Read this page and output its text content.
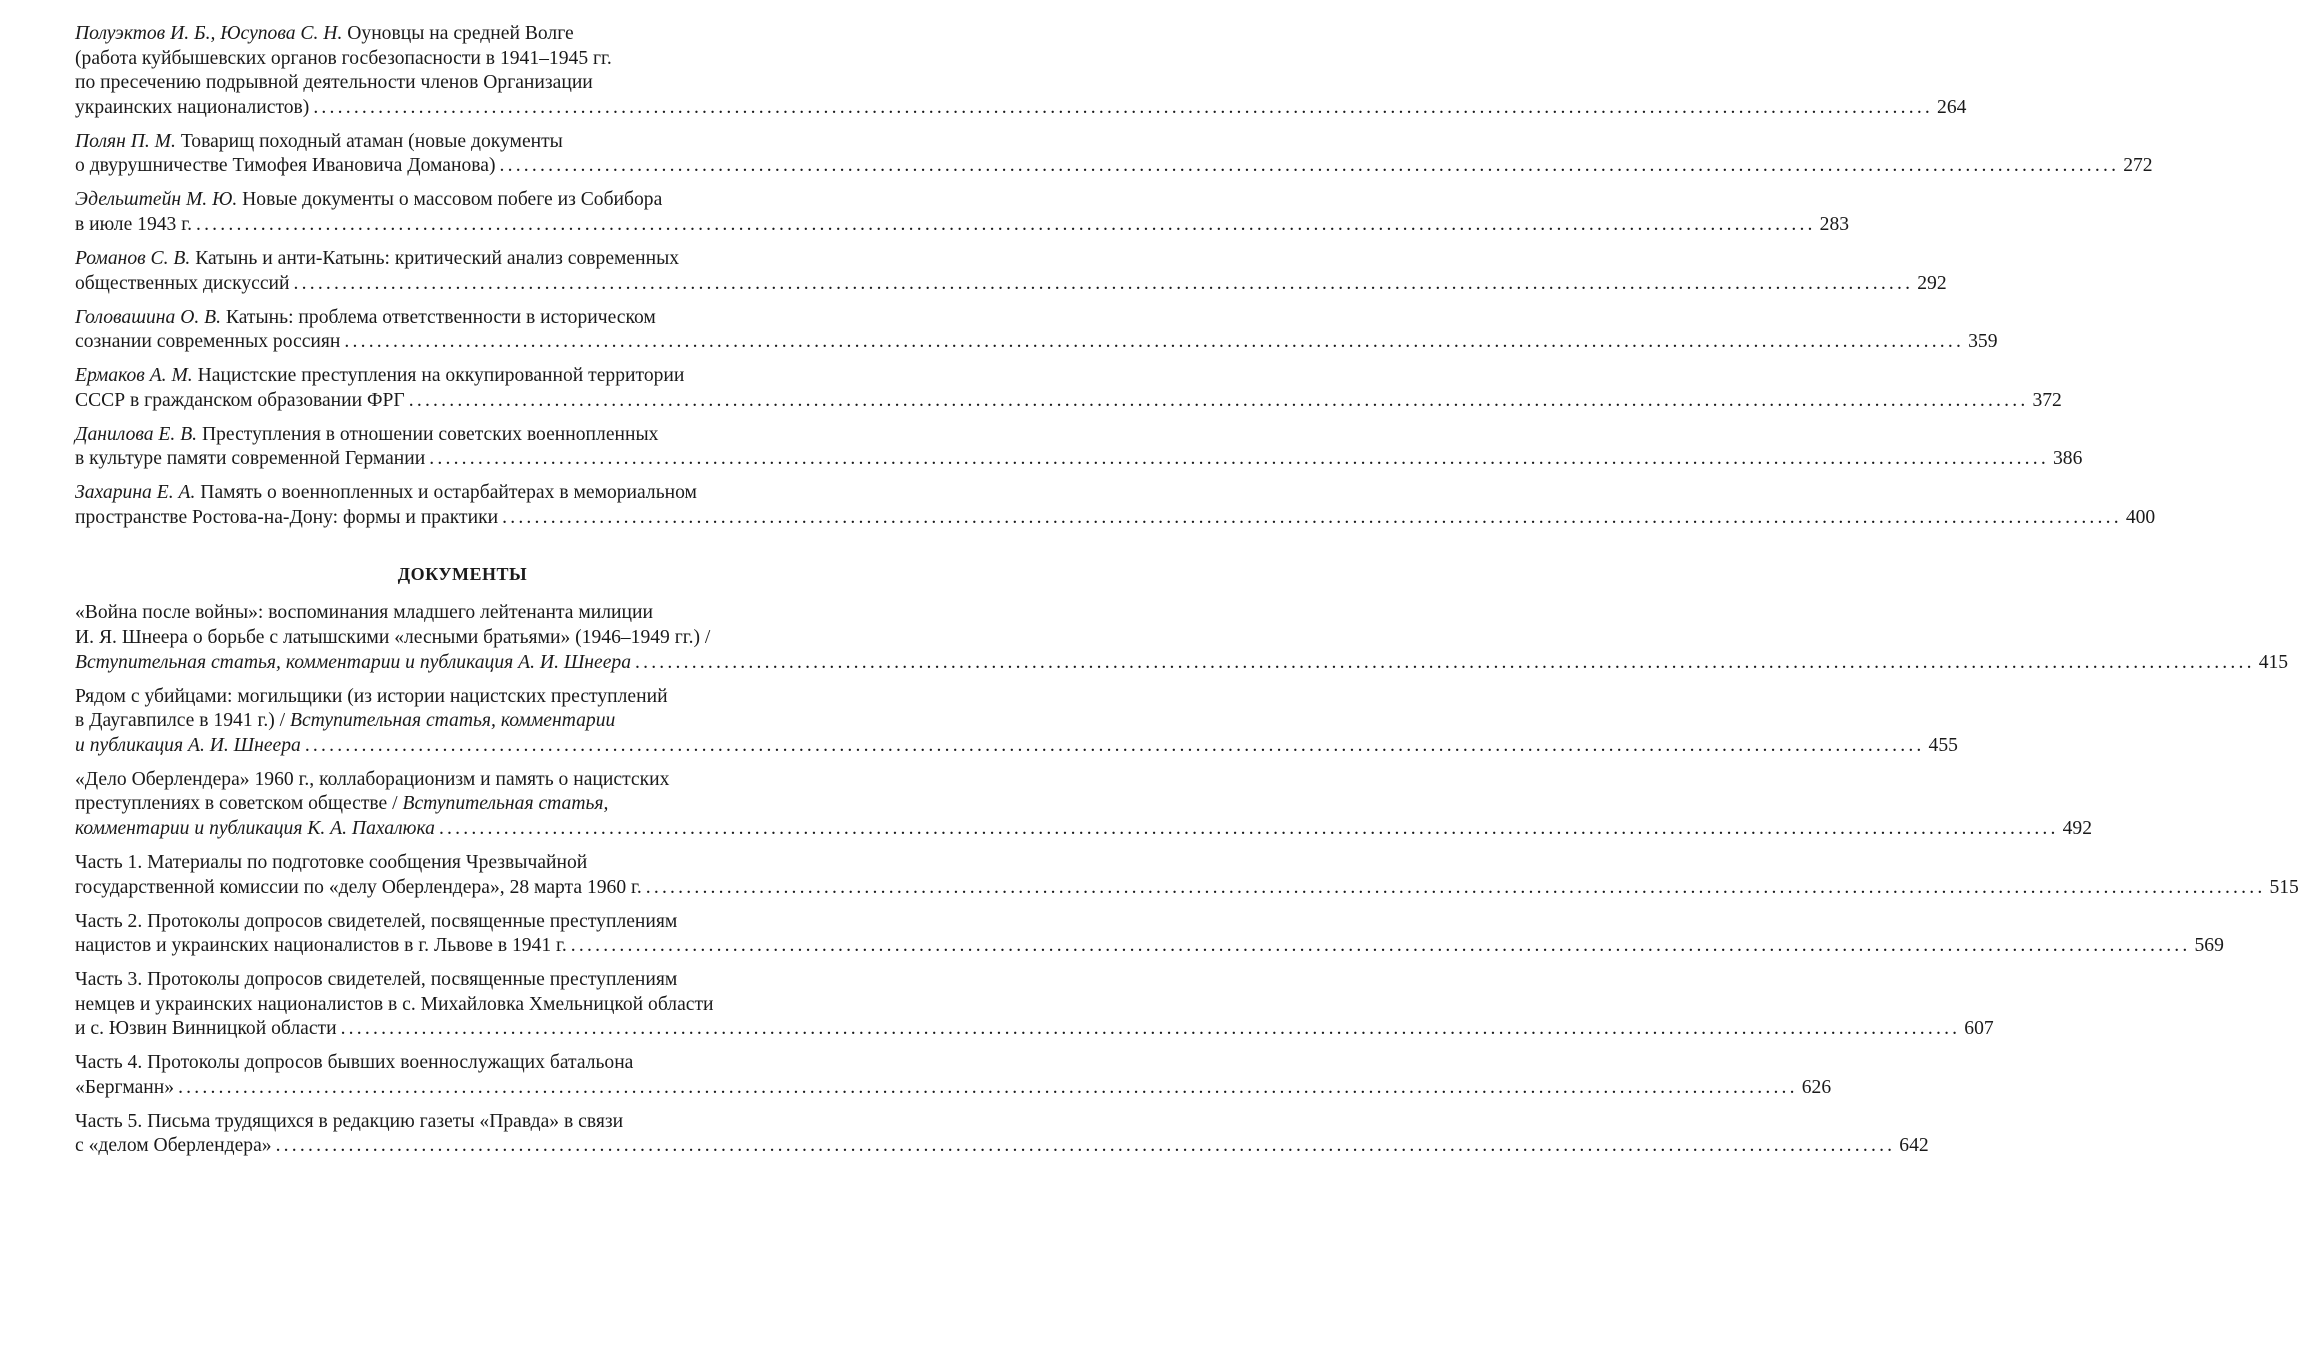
Полуэктов И. Б., Юсупова С. Н. Оуновцы на средней Волге
(работа куйбышевских органов госбезопасности в 1941–1945 гг.
по пресечению подрывной деятельности членов Организации
украинских националистов) ........................................................................................................................................................................................................ 264
Полян П. М. Товарищ походный атаман (новые документы
о двурушничестве Тимофея Ивановича Доманова) ........................................................................................................................................................................................................ 272
Эдельштейн М. Ю. Новые документы о массовом побеге из Собибора
в июле 1943 г. ........................................................................................................................................................................................................ 283
Романов С. В. Катынь и анти-Катынь: критический анализ современных
общественных дискуссий ........................................................................................................................................................................................................ 292
Головашина О. В. Катынь: проблема ответственности в историческом
сознании современных россиян ........................................................................................................................................................................................................ 359
Ермаков А. М. Нацистские преступления на оккупированной территории
СССР в гражданском образовании ФРГ ........................................................................................................................................................................................................ 372
Данилова Е. В. Преступления в отношении советских военнопленных
в культуре памяти современной Германии ........................................................................................................................................................................................................ 386
Захарина Е. А. Память о военнопленных и остарбайтерах в мемориальном
пространстве Ростова-на-Дону: формы и практики ........................................................................................................................................................................................................ 400
ДОКУМЕНТЫ
«Война после войны»: воспоминания младшего лейтенанта милиции
И. Я. Шнеера о борьбе с латышскими «лесными братьями» (1946–1949 гг.) /
Вступительная статья, комментарии и публикация А. И. Шнеера ........................................................................................................................................................................................................ 415
Рядом с убийцами: могильщики (из истории нацистских преступлений
в Даугавпилсе в 1941 г.) / Вступительная статья, комментарии
и публикация А. И. Шнеера ........................................................................................................................................................................................................ 455
«Дело Оберлендера» 1960 г., коллаборационизм и память о нацистских
преступлениях в советском обществе / Вступительная статья,
комментарии и публикация К. А. Пахалюка ........................................................................................................................................................................................................ 492
Часть 1. Материалы по подготовке сообщения Чрезвычайной
государственной комиссии по «делу Оберлендера», 28 марта 1960 г. ........................................................................................................................................................................................................ 515
Часть 2. Протоколы допросов свидетелей, посвященные преступлениям
нацистов и украинских националистов в г. Львове в 1941 г. ........................................................................................................................................................................................................ 569
Часть 3. Протоколы допросов свидетелей, посвященные преступлениям
немцев и украинских националистов в с. Михайловка Хмельницкой области
и с. Юзвин Винницкой области ........................................................................................................................................................................................................ 607
Часть 4. Протоколы допросов бывших военнослужащих батальона
«Бергманн» ........................................................................................................................................................................................................ 626
Часть 5. Письма трудящихся в редакцию газеты «Правда» в связи
с «делом Оберлендера» ........................................................................................................................................................................................................ 642
